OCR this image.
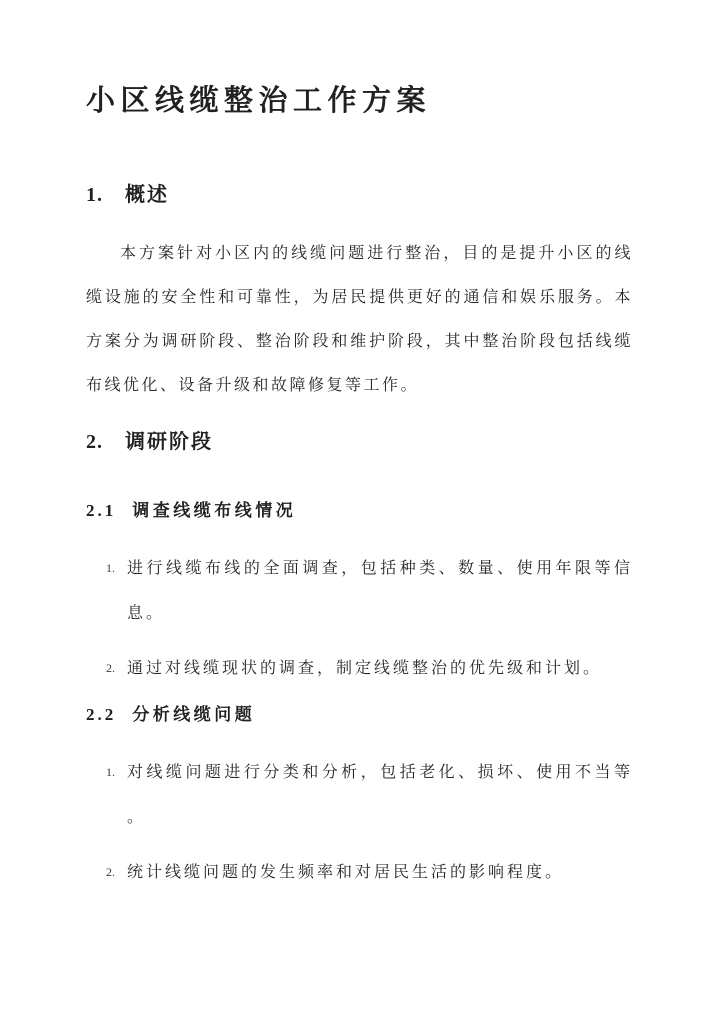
小区线缆整治工作方案
1. 概述

本方案针对小区内的线缆问题进行整治，目的是提升小区的线缆设施的安全性和可靠性，为居民提供更好的通信和娱乐服务。本方案分为调研阶段、整治阶段和维护阶段，其中整治阶段包括线缆布线优化、设备升级和故障修复等工作。

2. 调研阶段
2.1 调查线缆布线情况
1. 进行线缆布线的全面调查，包括种类、数量、使用年限等信息。
2. 通过对线缆现状的调查，制定线缆整治的优先级和计划。
2.2 分析线缆问题
1. 对线缆问题进行分类和分析，包括老化、损坏、使用不当等。
2. 统计线缆问题的发生频率和对居民生活的影响程度。
